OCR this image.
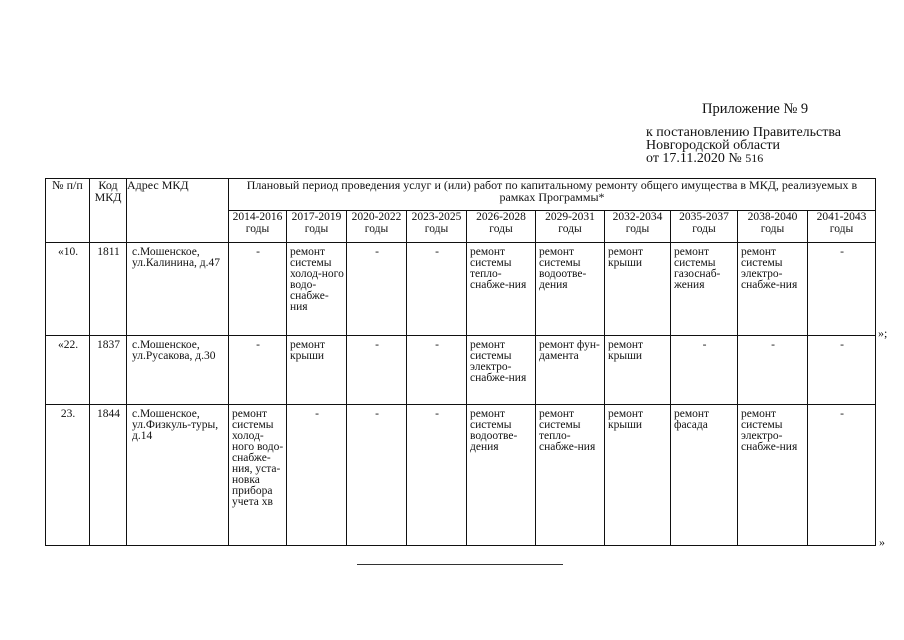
Приложение № 9
к постановлению Правительства
Новгородской области
от 17.11.2020 № 516
№ п/п	Код МКД	Адрес МКД	Плановый период проведения услуг и (или) работ по капитальному ремонту общего имущества в МКД, реализуемых в рамках Программы*									
			2014-2016 годы	2017-2019 годы	2020-2022 годы	2023-2025 годы	2026-2028 годы	2029-2031 годы	2032-2034 годы	2035-2037 годы	2038-2040 годы	2041-2043 годы
«10.	1811	с.Мошенское, ул.Калинина, д.47	-	ремонт системы холод-ного водо-снабже-ния	-	-	ремонт системы тепло-снабже-ния	ремонт системы водоотве-дения	ремонт крыши	ремонт системы газоснаб-жения	ремонт системы электро-снабже-ния	-
«22.	1837	с.Мошенское, ул.Русакова, д.30	-	ремонт крыши	-	-	ремонт системы электро-снабже-ния	ремонт фун-дамента	ремонт крыши	-	-	-
23.	1844	с.Мошенское, ул.Физкуль-туры, д.14	ремонт системы холод-ного водо-снабже-ния, уста-новка прибора учета хв	-	-	-	ремонт системы водоотве-дения	ремонт системы тепло-снабже-ния	ремонт крыши	ремонт фасада	ремонт системы электро-снабже-ния	-
»;
»
